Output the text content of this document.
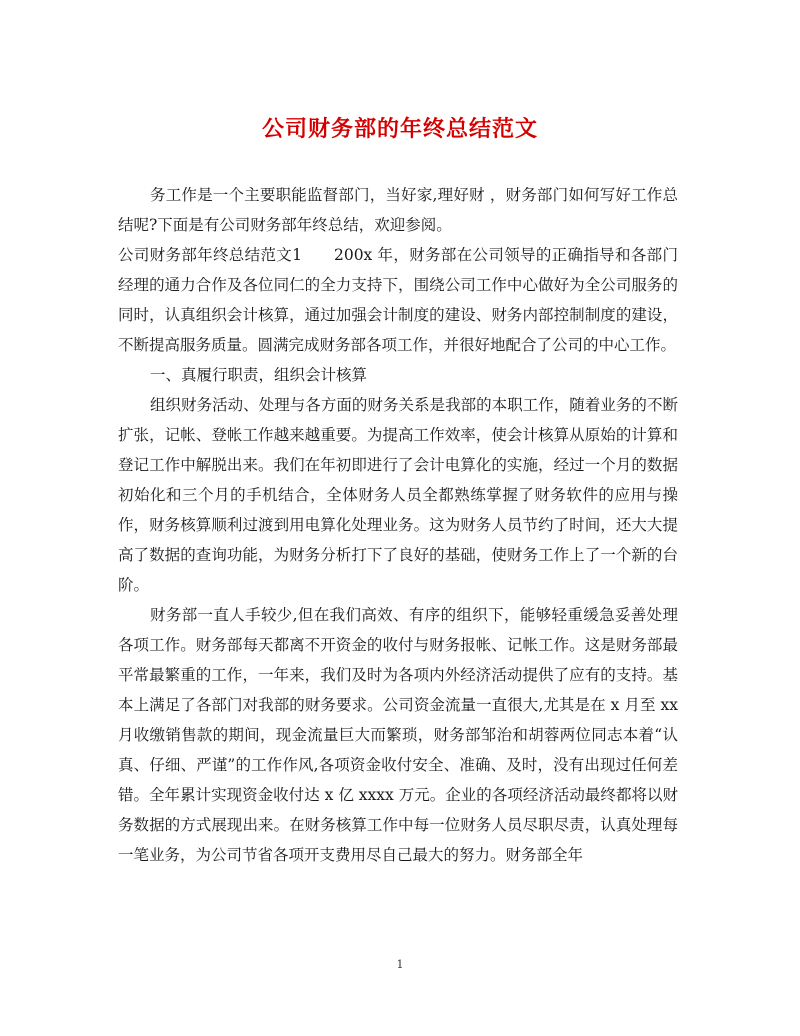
公司财务部的年终总结范文

务工作是一个主要职能监督部门，当好家,理好财 ，财务部门如何写好工作总结呢?下面是有公司财务部年终总结，欢迎参阅。

公司财务部年终总结范文1　　200x 年，财务部在公司领导的正确指导和各部门经理的通力合作及各位同仁的全力支持下，围绕公司工作中心做好为全公司服务的同时，认真组织会计核算，通过加强会计制度的建设、财务内部控制制度的建设，不断提高服务质量。圆满完成财务部各项工作，并很好地配合了公司的中心工作。

一、真履行职责，组织会计核算

组织财务活动、处理与各方面的财务关系是我部的本职工作，随着业务的不断扩张，记帐、登帐工作越来越重要。为提高工作效率，使会计核算从原始的计算和登记工作中解脱出来。我们在年初即进行了会计电算化的实施，经过一个月的数据初始化和三个月的手机结合，全体财务人员全都熟练掌握了财务软件的应用与操作，财务核算顺利过渡到用电算化处理业务。这为财务人员节约了时间，还大大提高了数据的查询功能，为财务分析打下了良好的基础，使财务工作上了一个新的台阶。

财务部一直人手较少,但在我们高效、有序的组织下，能够轻重缓急妥善处理各项工作。财务部每天都离不开资金的收付与财务报帐、记帐工作。这是财务部最平常最繁重的工作，一年来，我们及时为各项内外经济活动提供了应有的支持。基本上满足了各部门对我部的财务要求。公司资金流量一直很大,尤其是在 x 月至 xx 月收缴销售款的期间，现金流量巨大而繁琐，财务部邹治和胡蓉两位同志本着“认真、仔细、严谨”的工作作风,各项资金收付安全、准确、及时，没有出现过任何差错。全年累计实现资金收付达 x 亿 xxxx 万元。企业的各项经济活动最终都将以财务数据的方式展现出来。在财务核算工作中每一位财务人员尽职尽责，认真处理每一笔业务，为公司节省各项开支费用尽自己最大的努力。财务部全年

1
